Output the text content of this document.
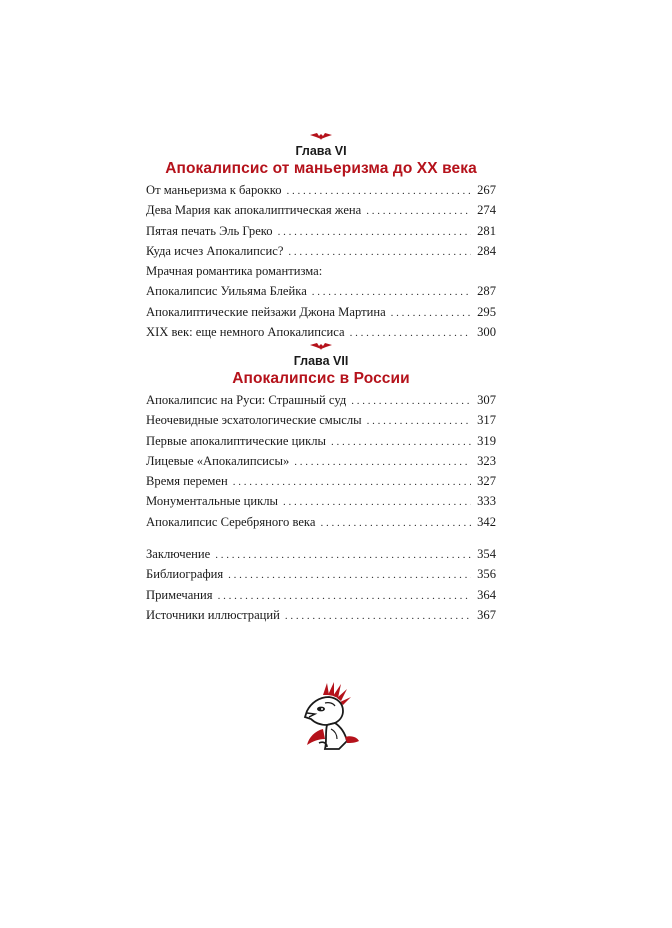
Глава VI
Апокалипсис от маньеризма до XX века
От маньеризма к барокко . . .	267
Дева Мария как апокалиптическая жена . . .	274
Пятая печать Эль Греко . . .	281
Куда исчез Апокалипсис? . . .	284
Мрачная романтика романтизма:
Апокалипсис Уильяма Блейка . . .	287
Апокалиптические пейзажи Джона Мартина . . .	295
XIX век: еще немного Апокалипсиса . . .	300
Глава VII
Апокалипсис в России
Апокалипсис на Руси: Страшный суд . . .	307
Неочевидные эсхатологические смыслы . . .	317
Первые апокалиптические циклы . . .	319
Лицевые «Апокалипсисы» . . .	323
Время перемен . . .	327
Монументальные циклы . . .	333
Апокалипсис Серебряного века . . .	342
Заключение . . .	354
Библиография . . .	356
Примечания . . .	364
Источники иллюстраций . . .	367
